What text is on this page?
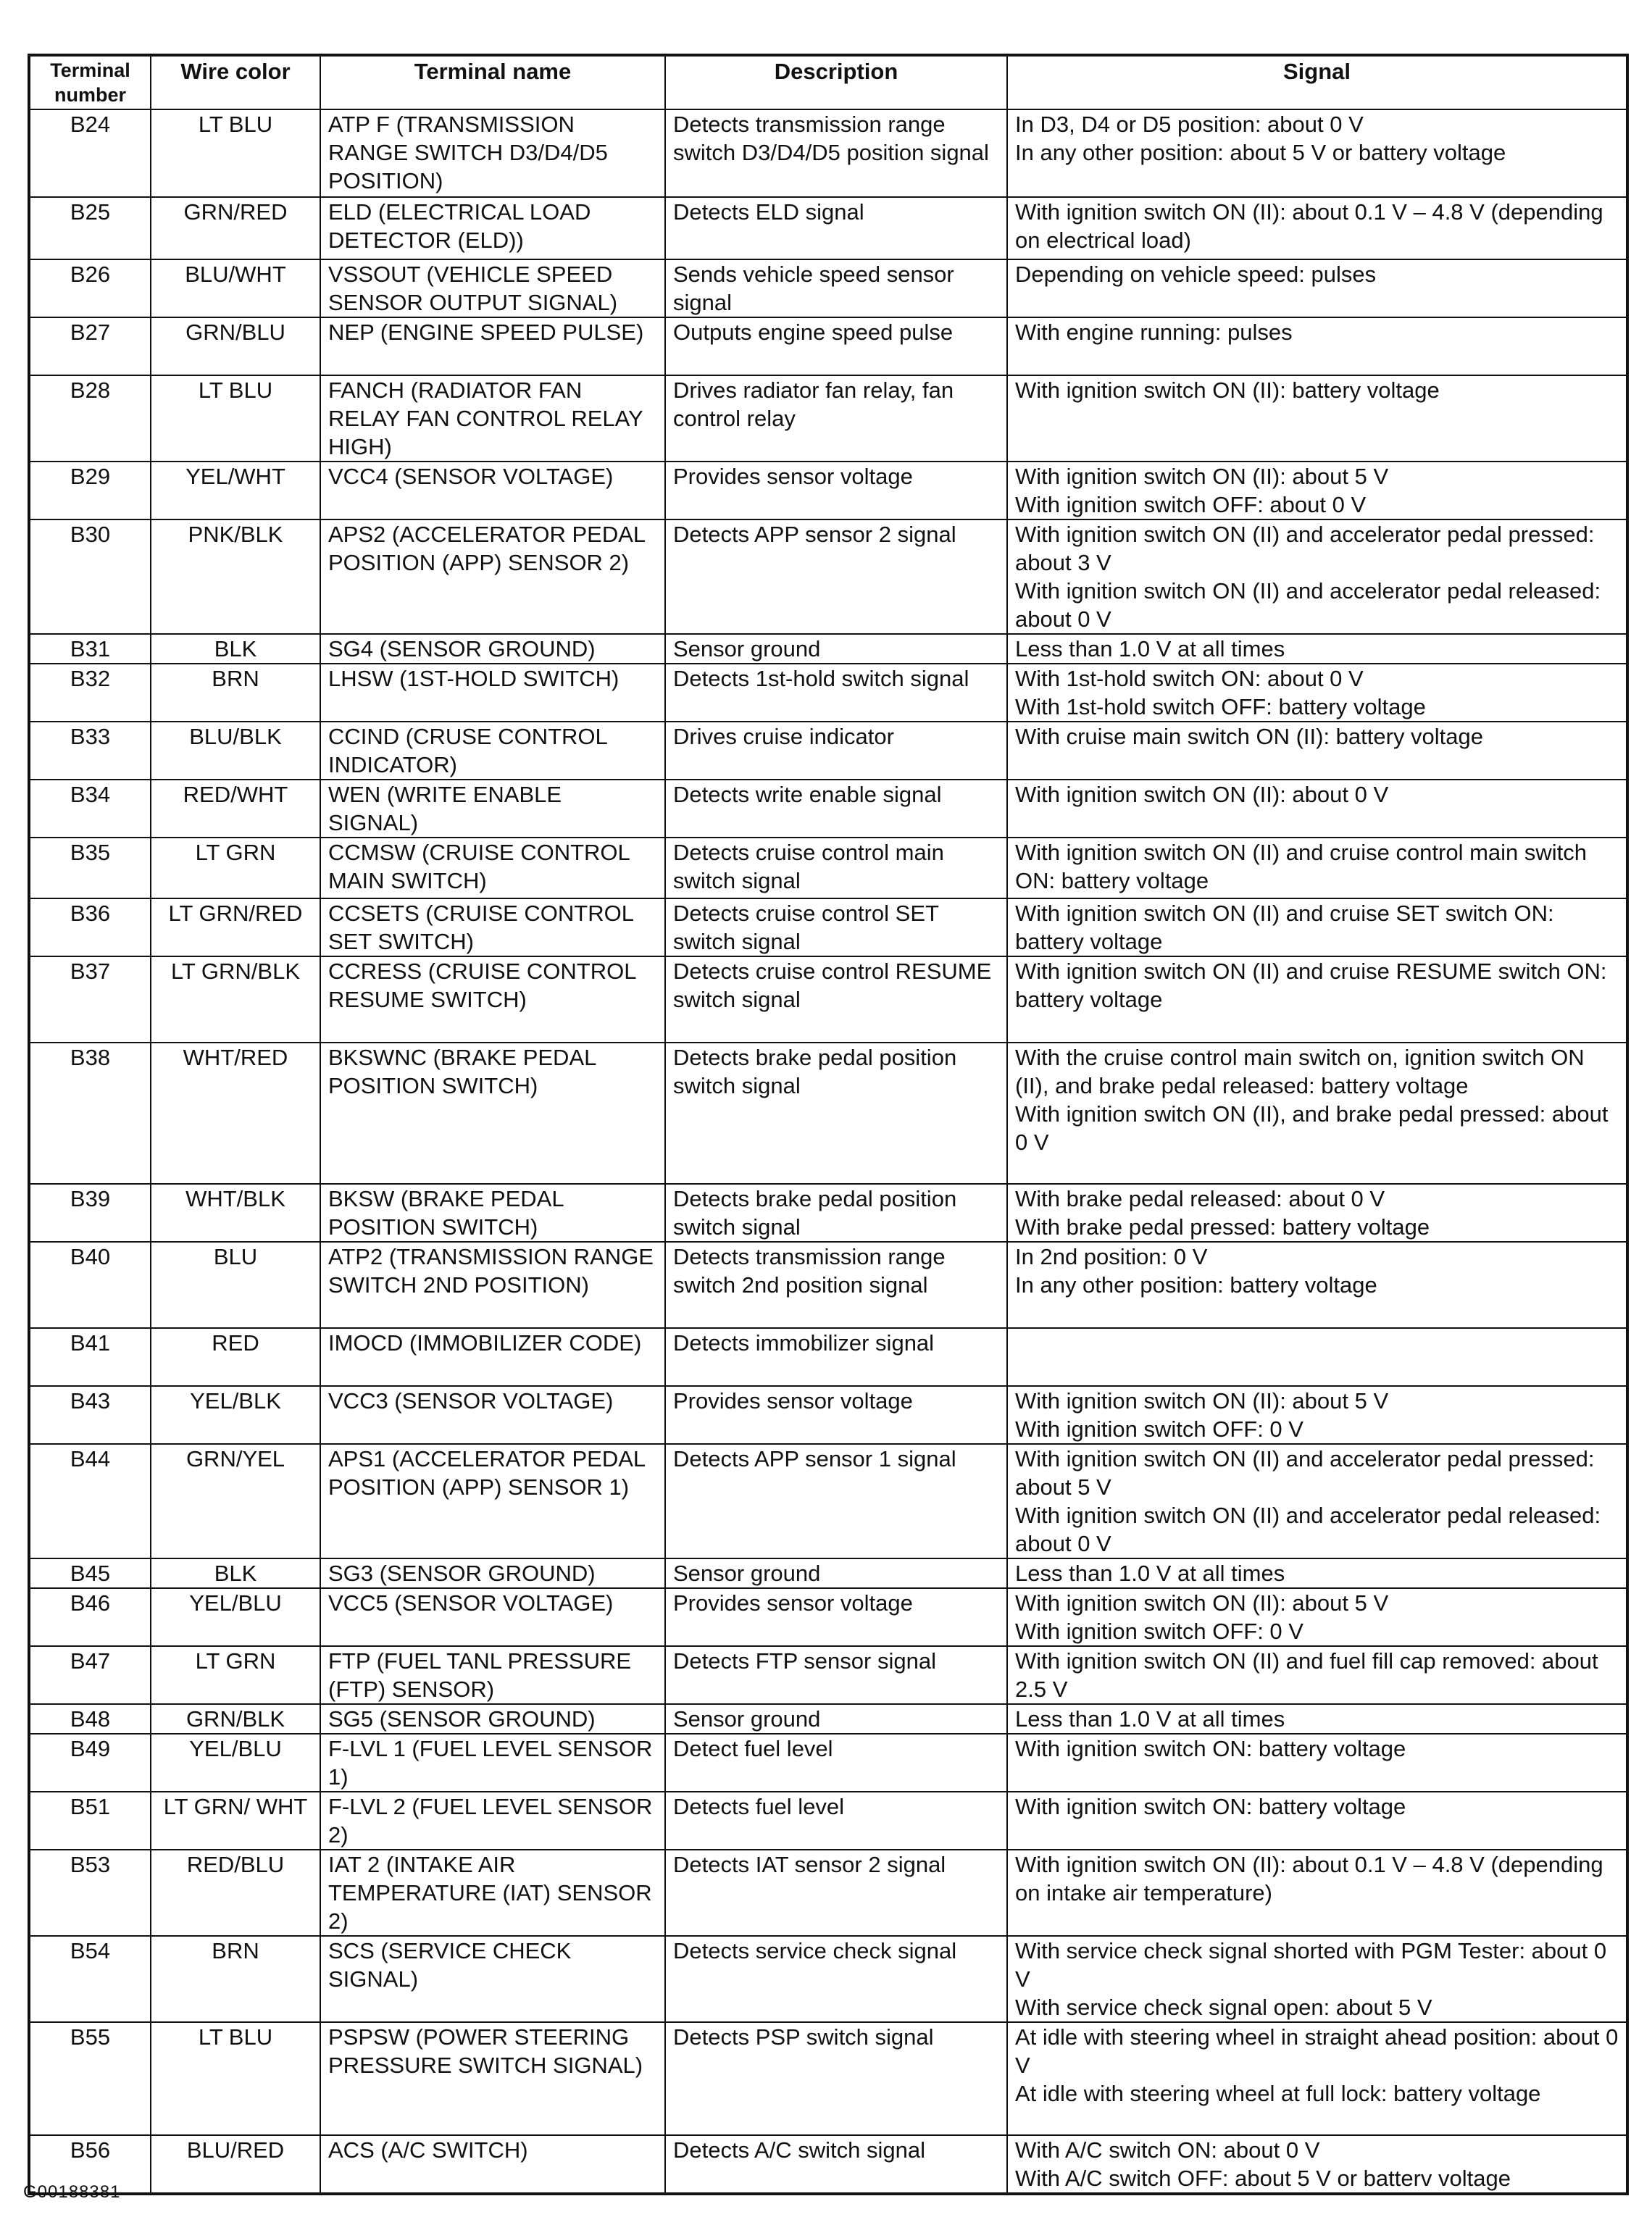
Terminal number	Wire color	Terminal name	Description	Signal
B24	LT BLU	ATP F (TRANSMISSION RANGE SWITCH D3/D4/D5 POSITION)	Detects transmission range switch D3/D4/D5 position signal	In D3, D4 or D5 position: about 0 V
In any other position: about 5 V or battery voltage

B25	GRN/RED	ELD (ELECTRICAL LOAD DETECTOR (ELD))	Detects ELD signal	With ignition switch ON (II): about 0.1 V – 4.8 V (depending on electrical load)

B26	BLU/WHT	VSSOUT (VEHICLE SPEED SENSOR OUTPUT SIGNAL)	Sends vehicle speed sensor signal	Depending on vehicle speed: pulses

B27	GRN/BLU	NEP (ENGINE SPEED PULSE)	Outputs engine speed pulse	With engine running: pulses

B28	LT BLU	FANCH (RADIATOR FAN RELAY FAN CONTROL RELAY HIGH)	Drives radiator fan relay, fan control relay	With ignition switch ON (II): battery voltage

B29	YEL/WHT	VCC4 (SENSOR VOLTAGE)	Provides sensor voltage	With ignition switch ON (II): about 5 V
With ignition switch OFF: about 0 V

B30	PNK/BLK	APS2 (ACCELERATOR PEDAL POSITION (APP) SENSOR 2)	Detects APP sensor 2 signal	With ignition switch ON (II) and accelerator pedal pressed: about 3 V
With ignition switch ON (II) and accelerator pedal released: about 0 V

B31	BLK	SG4 (SENSOR GROUND)	Sensor ground	Less than 1.0 V at all times

B32	BRN	LHSW (1ST-HOLD SWITCH)	Detects 1st-hold switch signal	With 1st-hold switch ON: about 0 V
With 1st-hold switch OFF: battery voltage

B33	BLU/BLK	CCIND (CRUSE CONTROL INDICATOR)	Drives cruise indicator	With cruise main switch ON (II): battery voltage

B34	RED/WHT	WEN (WRITE ENABLE SIGNAL)	Detects write enable signal	With ignition switch ON (II): about 0 V

B35	LT GRN	CCMSW (CRUISE CONTROL MAIN SWITCH)	Detects cruise control main switch signal	With ignition switch ON (II) and cruise control main switch ON: battery voltage

B36	LT GRN/RED	CCSETS (CRUISE CONTROL SET SWITCH)	Detects cruise control SET switch signal	With ignition switch ON (II) and cruise SET switch ON: battery voltage

B37	LT GRN/BLK	CCRESS (CRUISE CONTROL RESUME SWITCH)	Detects cruise control RESUME switch signal	With ignition switch ON (II) and cruise RESUME switch ON: battery voltage

B38	WHT/RED	BKSWNC (BRAKE PEDAL POSITION SWITCH)	Detects brake pedal position switch signal	With the cruise control main switch on, ignition switch ON (II), and brake pedal released: battery voltage
With ignition switch ON (II), and brake pedal pressed: about 0 V

B39	WHT/BLK	BKSW (BRAKE PEDAL POSITION SWITCH)	Detects brake pedal position switch signal	With brake pedal released: about 0 V
With brake pedal pressed: battery voltage

B40	BLU	ATP2 (TRANSMISSION RANGE SWITCH 2ND POSITION)	Detects transmission range switch 2nd position signal	In 2nd position: 0 V
In any other position: battery voltage

B41	RED	IMOCD (IMMOBILIZER CODE)	Detects immobilizer signal	
B43	YEL/BLK	VCC3 (SENSOR VOLTAGE)	Provides sensor voltage	With ignition switch ON (II): about 5 V
With ignition switch OFF: 0 V

B44	GRN/YEL	APS1 (ACCELERATOR PEDAL POSITION (APP) SENSOR 1)	Detects APP sensor 1 signal	With ignition switch ON (II) and accelerator pedal pressed: about 5 V
With ignition switch ON (II) and accelerator pedal released: about 0 V

B45	BLK	SG3 (SENSOR GROUND)	Sensor ground	Less than 1.0 V at all times

B46	YEL/BLU	VCC5 (SENSOR VOLTAGE)	Provides sensor voltage	With ignition switch ON (II): about 5 V
With ignition switch OFF: 0 V

B47	LT GRN	FTP (FUEL TANL PRESSURE (FTP) SENSOR)	Detects FTP sensor signal	With ignition switch ON (II) and fuel fill cap removed: about 2.5 V

B48	GRN/BLK	SG5 (SENSOR GROUND)	Sensor ground	Less than 1.0 V at all times

B49	YEL/BLU	F-LVL 1 (FUEL LEVEL SENSOR 1)	Detect fuel level	With ignition switch ON: battery voltage

B51	LT GRN/ WHT	F-LVL 2 (FUEL LEVEL SENSOR 2)	Detects fuel level	With ignition switch ON: battery voltage

B53	RED/BLU	IAT 2 (INTAKE AIR TEMPERATURE (IAT) SENSOR 2)	Detects IAT sensor 2 signal	With ignition switch ON (II): about 0.1 V – 4.8 V (depending on intake air temperature)

B54	BRN	SCS (SERVICE CHECK SIGNAL)	Detects service check signal	With service check signal shorted with PGM Tester: about 0 V
With service check signal open: about 5 V

B55	LT BLU	PSPSW (POWER STEERING PRESSURE SWITCH SIGNAL)	Detects PSP switch signal	At idle with steering wheel in straight ahead position: about 0 V
At idle with steering wheel at full lock: battery voltage

B56	BLU/RED	ACS (A/C SWITCH)	Detects A/C switch signal	With A/C switch ON: about 0 V
With A/C switch OFF: about 5 V or batterv voltage
G00188381
